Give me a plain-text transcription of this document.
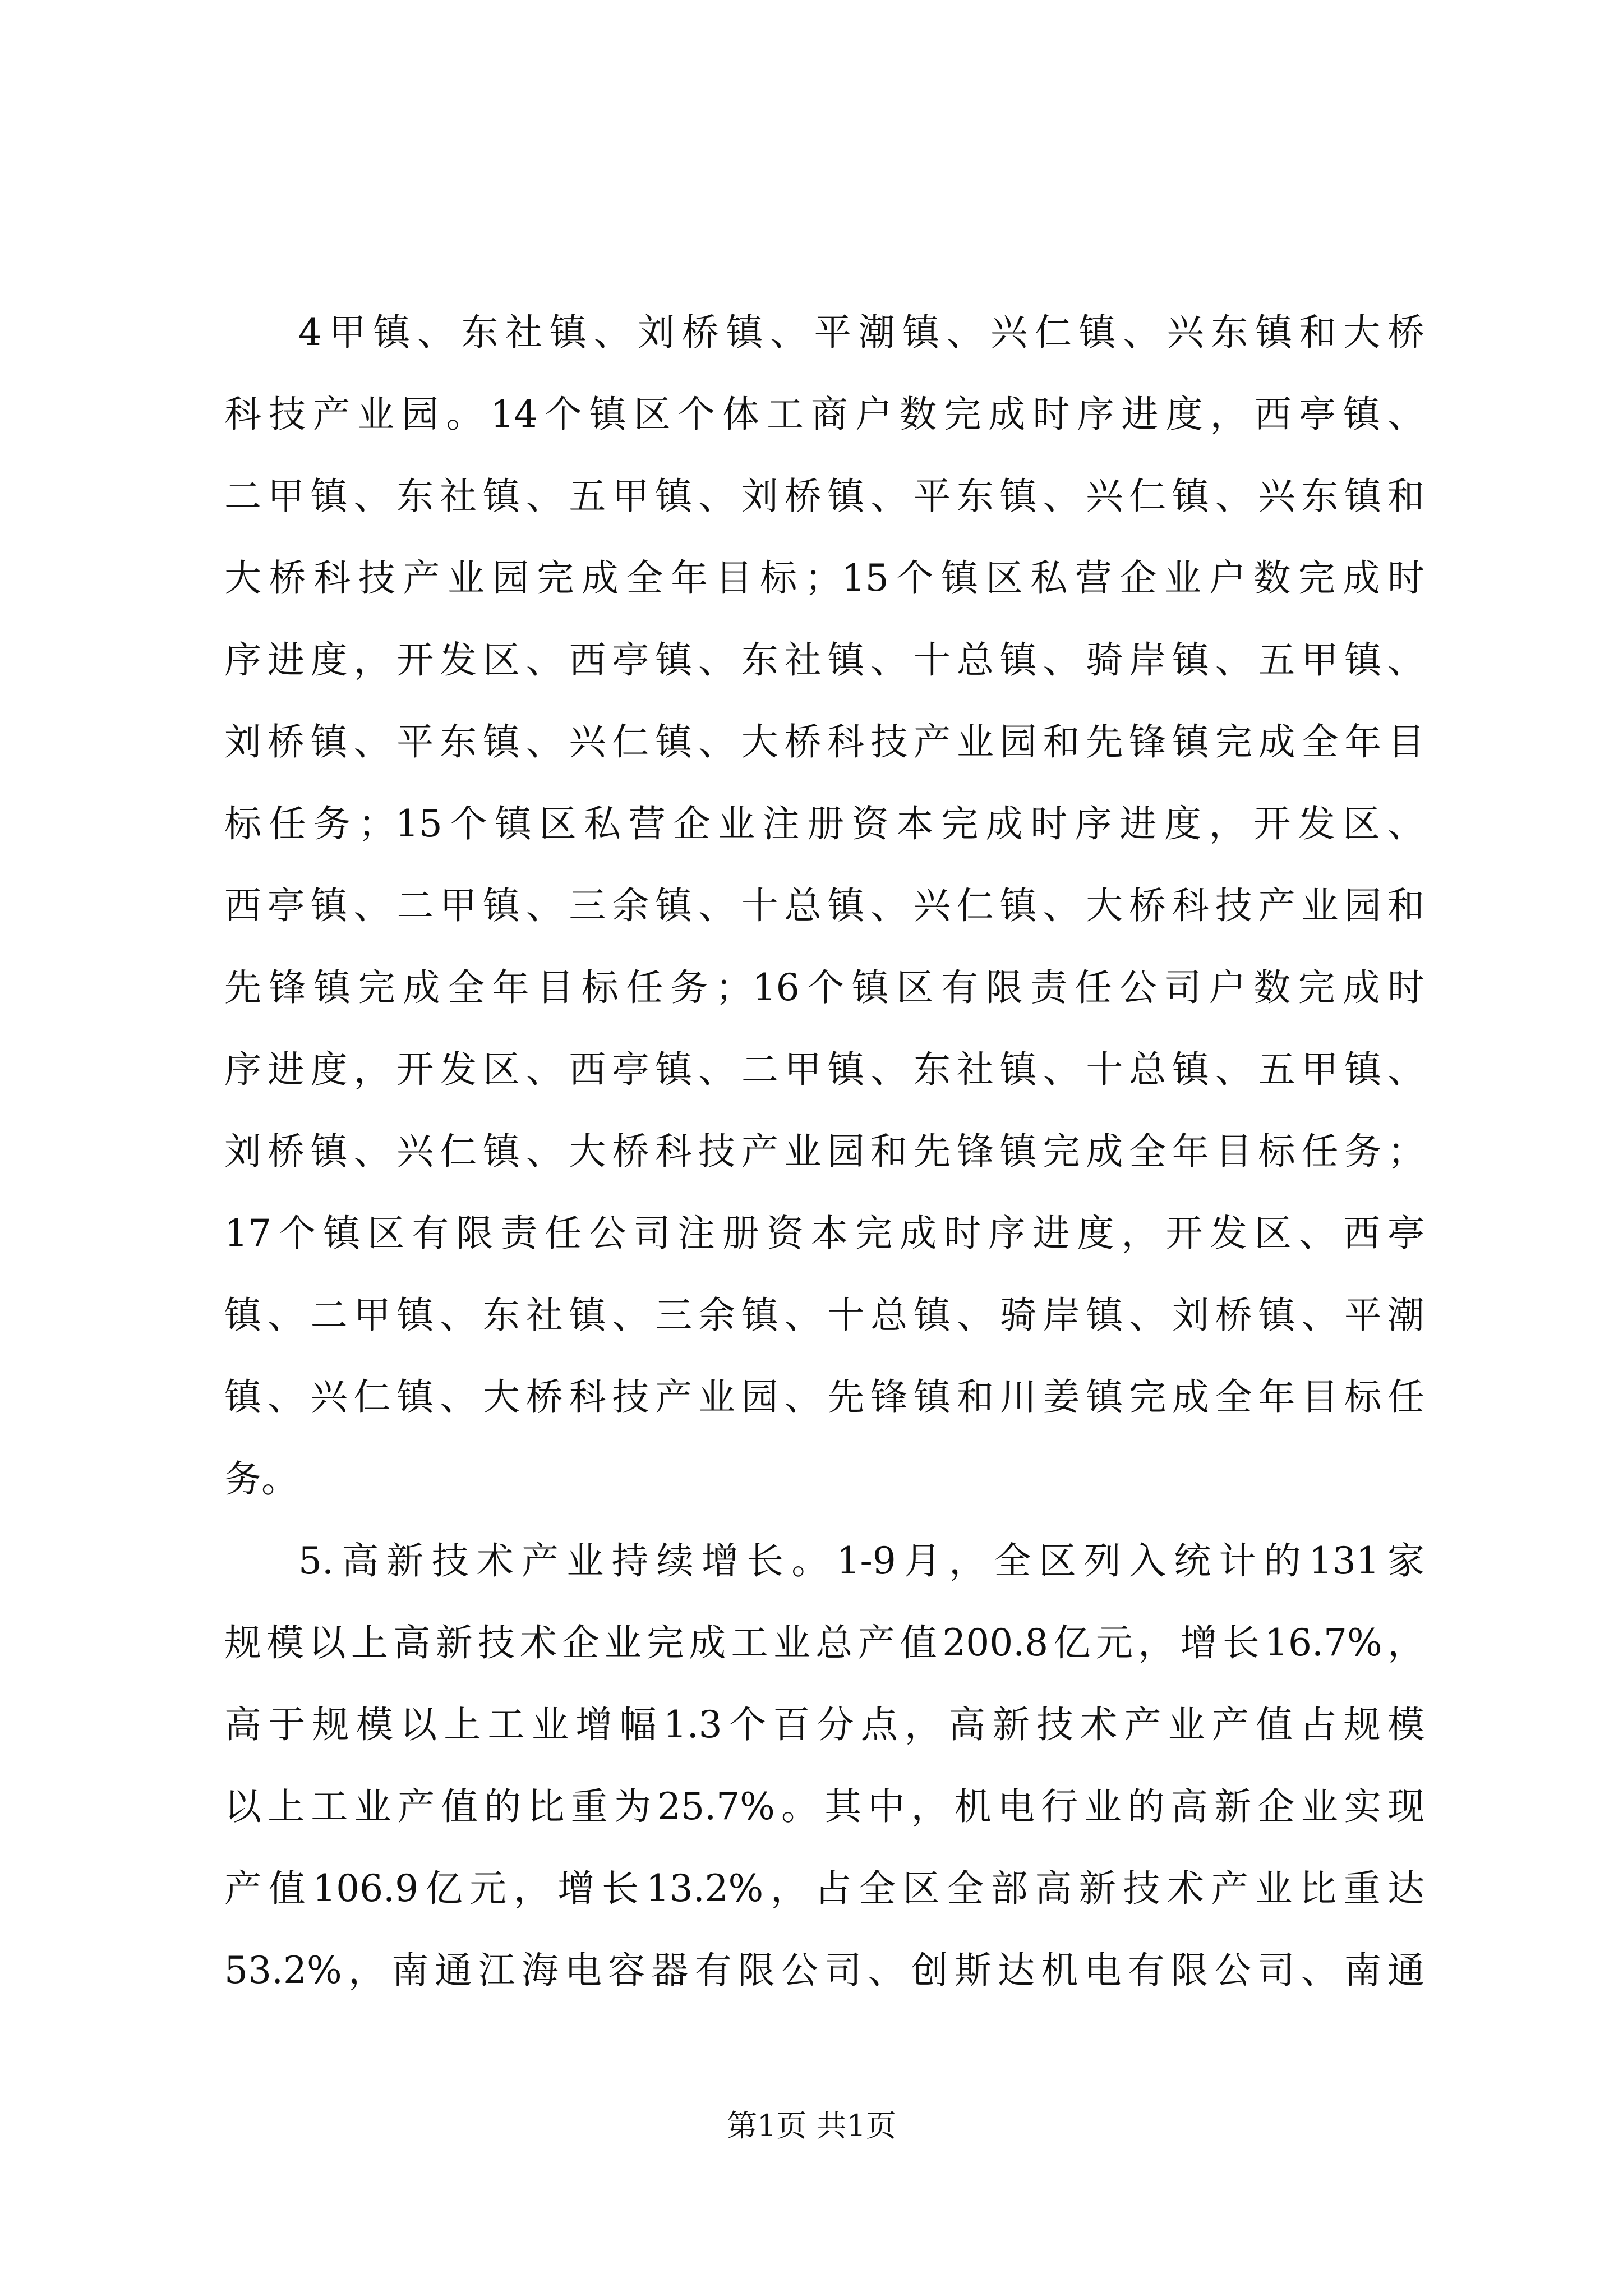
4甲镇、东社镇、刘桥镇、平潮镇、兴仁镇、兴东镇和大桥
科技产业园。14个镇区个体工商户数完成时序进度，西亭镇、
二甲镇、东社镇、五甲镇、刘桥镇、平东镇、兴仁镇、兴东镇和
大桥科技产业园完成全年目标；15个镇区私营企业户数完成时
序进度，开发区、西亭镇、东社镇、十总镇、骑岸镇、五甲镇、
刘桥镇、平东镇、兴仁镇、大桥科技产业园和先锋镇完成全年目
标任务；15个镇区私营企业注册资本完成时序进度，开发区、
西亭镇、二甲镇、三余镇、十总镇、兴仁镇、大桥科技产业园和
先锋镇完成全年目标任务；16个镇区有限责任公司户数完成时
序进度，开发区、西亭镇、二甲镇、东社镇、十总镇、五甲镇、
刘桥镇、兴仁镇、大桥科技产业园和先锋镇完成全年目标任务；
17个镇区有限责任公司注册资本完成时序进度，开发区、西亭
镇、二甲镇、东社镇、三余镇、十总镇、骑岸镇、刘桥镇、平潮
镇、兴仁镇、大桥科技产业园、先锋镇和川姜镇完成全年目标任
务。
5.高新技术产业持续增长。1-9月，全区列入统计的131家
规模以上高新技术企业完成工业总产值200.8亿元，增长16.7%，
高于规模以上工业增幅1.3个百分点，高新技术产业产值占规模
以上工业产值的比重为25.7%。其中，机电行业的高新企业实现
产值106.9亿元，增长13.2%，占全区全部高新技术产业比重达
53.2%，南通江海电容器有限公司、创斯达机电有限公司、南通
第1页 共1页
